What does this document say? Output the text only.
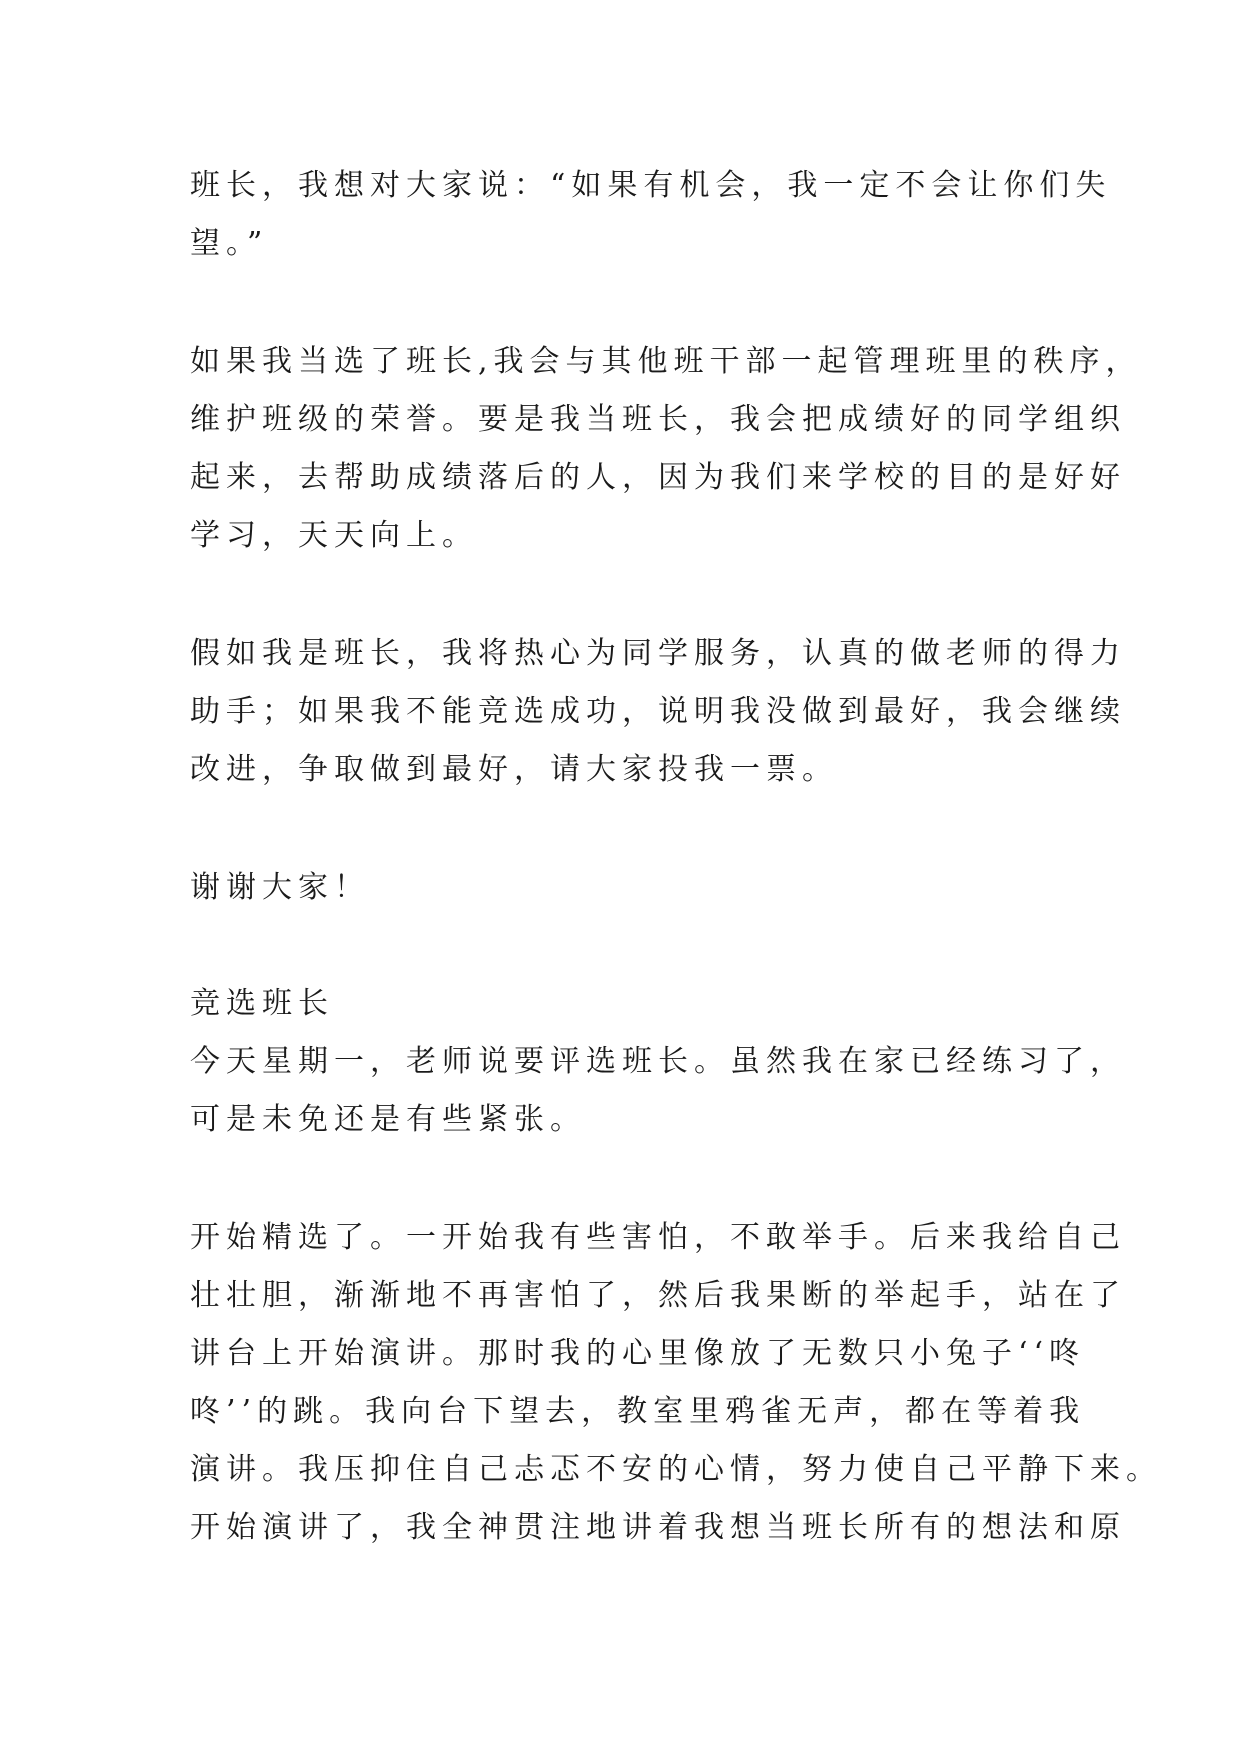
班长，我想对大家说：“如果有机会，我一定不会让你们失
望。”
如果我当选了班长,我会与其他班干部一起管理班里的秩序，
维护班级的荣誉。要是我当班长，我会把成绩好的同学组织
起来，去帮助成绩落后的人，因为我们来学校的目的是好好
学习，天天向上。
假如我是班长，我将热心为同学服务，认真的做老师的得力
助手；如果我不能竞选成功，说明我没做到最好，我会继续
改进，争取做到最好，请大家投我一票。
谢谢大家！
竞选班长
今天星期一，老师说要评选班长。虽然我在家已经练习了，
可是未免还是有些紧张。
开始精选了。一开始我有些害怕，不敢举手。后来我给自己
壮壮胆，渐渐地不再害怕了，然后我果断的举起手，站在了
讲台上开始演讲。那时我的心里像放了无数只小兔子‘‘咚
咚’’的跳。我向台下望去，教室里鸦雀无声，都在等着我
演讲。我压抑住自己忐忑不安的心情，努力使自己平静下来。
开始演讲了，我全神贯注地讲着我想当班长所有的想法和原
